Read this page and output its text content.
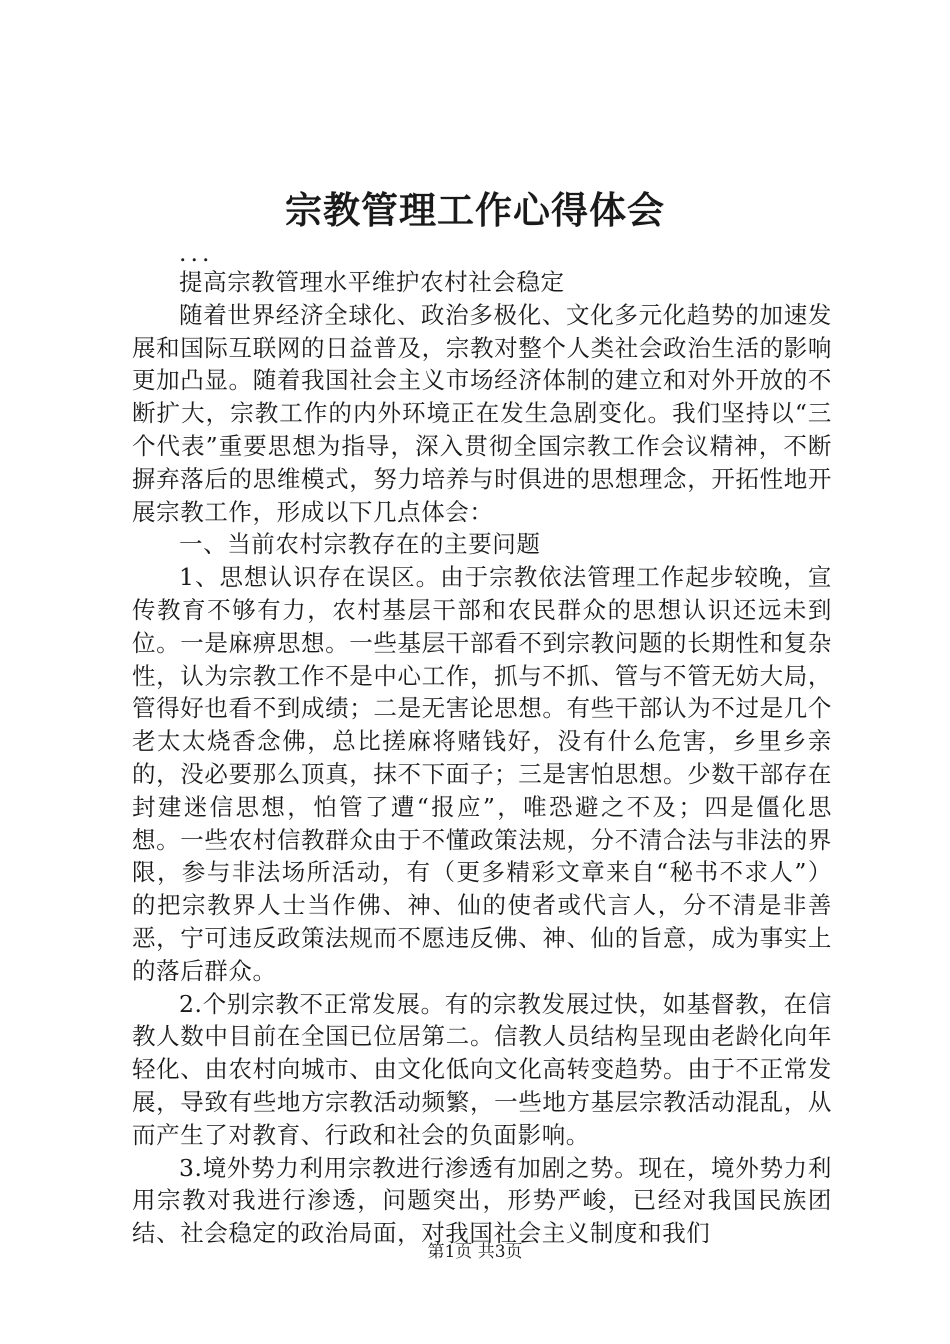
宗教管理工作心得体会

...

提高宗教管理水平维护农村社会稳定

随着世界经济全球化、政治多极化、文化多元化趋势的加速发展和国际互联网的日益普及，宗教对整个人类社会政治生活的影响更加凸显。随着我国社会主义市场经济体制的建立和对外开放的不断扩大，宗教工作的内外环境正在发生急剧变化。我们坚持以“三个代表”重要思想为指导，深入贯彻全国宗教工作会议精神，不断摒弃落后的思维模式，努力培养与时俱进的思想理念，开拓性地开展宗教工作，形成以下几点体会：

一、当前农村宗教存在的主要问题

1、思想认识存在误区。由于宗教依法管理工作起步较晚，宣传教育不够有力，农村基层干部和农民群众的思想认识还远未到位。一是麻痹思想。一些基层干部看不到宗教问题的长期性和复杂性，认为宗教工作不是中心工作，抓与不抓、管与不管无妨大局，管得好也看不到成绩；二是无害论思想。有些干部认为不过是几个老太太烧香念佛，总比搓麻将赌钱好，没有什么危害，乡里乡亲的，没必要那么顶真，抹不下面子；三是害怕思想。少数干部存在封建迷信思想，怕管了遭“报应”，唯恐避之不及；四是僵化思想。一些农村信教群众由于不懂政策法规，分不清合法与非法的界限，参与非法场所活动，有（更多精彩文章来自“秘书不求人”）的把宗教界人士当作佛、神、仙的使者或代言人，分不清是非善恶，宁可违反政策法规而不愿违反佛、神、仙的旨意，成为事实上的落后群众。

2.个别宗教不正常发展。有的宗教发展过快，如基督教，在信教人数中目前在全国已位居第二。信教人员结构呈现由老龄化向年轻化、由农村向城市、由文化低向文化高转变趋势。由于不正常发展，导致有些地方宗教活动频繁，一些地方基层宗教活动混乱，从而产生了对教育、行政和社会的负面影响。

3.境外势力利用宗教进行渗透有加剧之势。现在，境外势力利用宗教对我进行渗透，问题突出，形势严峻，已经对我国民族团结、社会稳定的政治局面，对我国社会主义制度和我们

第1页 共3页
